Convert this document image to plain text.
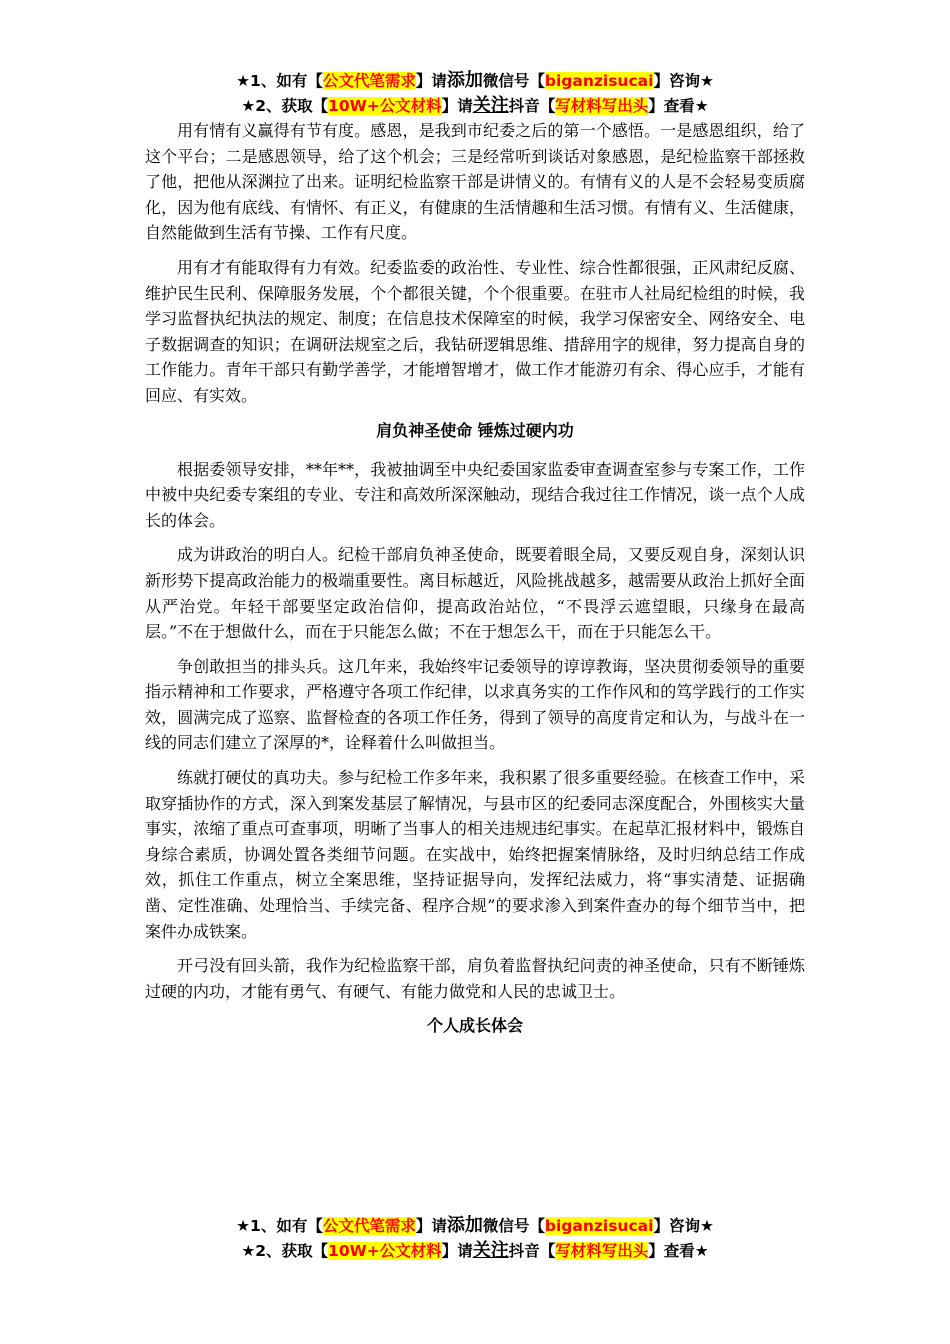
★1、如有【公文代笔需求】请添加微信号【biganzisucai】咨询★
★2、获取【10W+公文材料】请关注抖音【写材料写出头】查看★

用有情有义赢得有节有度。感恩，是我到市纪委之后的第一个感悟。一是感恩组织，给了这个平台；二是感恩领导，给了这个机会；三是经常听到谈话对象感恩，是纪检监察干部拯救了他，把他从深渊拉了出来。证明纪检监察干部是讲情义的。有情有义的人是不会轻易变质腐化，因为他有底线、有情怀、有正义，有健康的生活情趣和生活习惯。有情有义、生活健康，自然能做到生活有节操、工作有尺度。

用有才有能取得有力有效。纪委监委的政治性、专业性、综合性都很强，正风肃纪反腐、维护民生民利、保障服务发展，个个都很关键，个个很重要。在驻市人社局纪检组的时候，我学习监督执纪执法的规定、制度；在信息技术保障室的时候，我学习保密安全、网络安全、电子数据调查的知识；在调研法规室之后，我钻研逻辑思维、措辞用字的规律，努力提高自身的工作能力。青年干部只有勤学善学，才能增智增才，做工作才能游刃有余、得心应手，才能有回应、有实效。

肩负神圣使命 锤炼过硬内功

根据委领导安排，**年**，我被抽调至中央纪委国家监委审查调查室参与专案工作，工作中被中央纪委专案组的专业、专注和高效所深深触动，现结合我过往工作情况，谈一点个人成长的体会。

成为讲政治的明白人。纪检干部肩负神圣使命，既要着眼全局，又要反观自身，深刻认识新形势下提高政治能力的极端重要性。离目标越近，风险挑战越多，越需要从政治上抓好全面从严治党。年轻干部要坚定政治信仰，提高政治站位，“不畏浮云遮望眼，只缘身在最高层。”不在于想做什么，而在于只能怎么做；不在于想怎么干，而在于只能怎么干。

争创敢担当的排头兵。这几年来，我始终牢记委领导的谆谆教诲，坚决贯彻委领导的重要指示精神和工作要求，严格遵守各项工作纪律，以求真务实的工作作风和的笃学践行的工作实效，圆满完成了巡察、监督检查的各项工作任务，得到了领导的高度肯定和认为，与战斗在一线的同志们建立了深厚的*，诠释着什么叫做担当。

练就打硬仗的真功夫。参与纪检工作多年来，我积累了很多重要经验。在核查工作中，采取穿插协作的方式，深入到案发基层了解情况，与县市区的纪委同志深度配合，外围核实大量事实，浓缩了重点可查事项，明晰了当事人的相关违规违纪事实。在起草汇报材料中，锻炼自身综合素质，协调处置各类细节问题。在实战中，始终把握案情脉络，及时归纳总结工作成效，抓住工作重点，树立全案思维，坚持证据导向，发挥纪法威力，将“事实清楚、证据确凿、定性准确、处理恰当、手续完备、程序合规”的要求渗入到案件查办的每个细节当中，把案件办成铁案。

开弓没有回头箭，我作为纪检监察干部，肩负着监督执纪问责的神圣使命，只有不断锤炼过硬的内功，才能有勇气、有硬气、有能力做党和人民的忠诚卫士。

个人成长体会
★1、如有【公文代笔需求】请添加微信号【biganzisucai】咨询★
★2、获取【10W+公文材料】请关注抖音【写材料写出头】查看★
